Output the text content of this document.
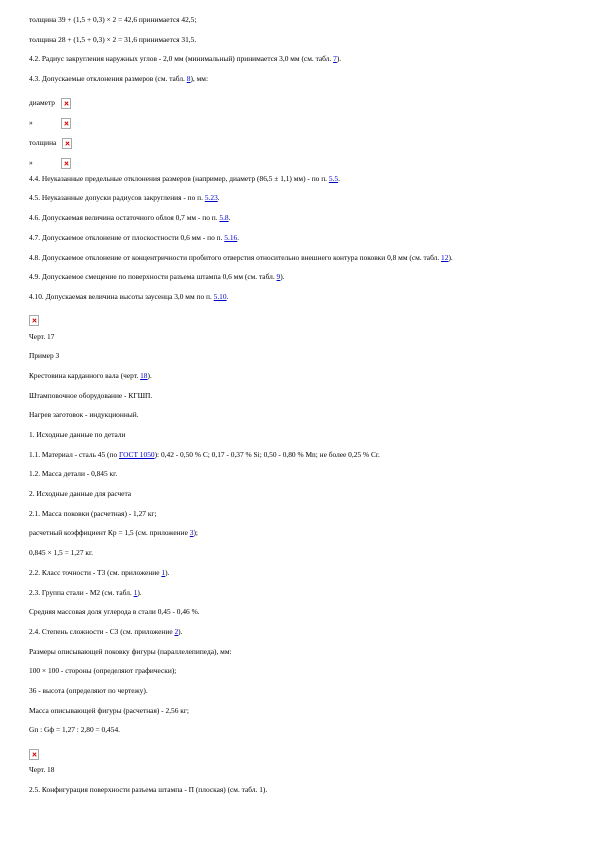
толщина 39 + (1,5 + 0,3) × 2 = 42,6 принимается 42,5;
толщина 28 + (1,5 + 0,3) × 2 = 31,6 принимается 31,5.
4.2. Радиус закругления наружных углов - 2,0 мм (минимальный) принимается 3,0 мм (см. табл. 7).
4.3. Допускаемые отклонения размеров (см. табл. 8), мм:
диаметр
»
толщина
»
4.4. Неуказанные предельные отклонения размеров (например, диаметр (86,5 ± 1,1) мм) - по п. 5.5.
4.5. Неуказанные допуски радиусов закругления - по п. 5.23.
4.6. Допускаемая величина остаточного облоя 0,7 мм - по п. 5.8.
4.7. Допускаемое отклонение от плоскостности 0,6 мм - по п. 5.16.
4.8. Допускаемое отклонение от концентричности пробитого отверстия относительно внешнего контура поковки 0,8 мм (см. табл. 12).
4.9. Допускаемое смещение по поверхности разъема штампа 0,6 мм (см. табл. 9).
4.10. Допускаемая величина высоты заусенца 3,0 мм по п. 5.10.
Черт. 17
Пример 3
Крестовина карданного вала (черт. 18).
Штамповочное оборудование - КГШП.
Нагрев заготовок - индукционный.
1. Исходные данные по детали
1.1. Материал - сталь 45 (по ГОСТ 1050): 0,42 - 0,50 % С; 0,17 - 0,37 % Si; 0,50 - 0,80 % Mn; не более 0,25 % Cr.
1.2. Масса детали - 0,845 кг.
2. Исходные данные для расчета
2.1. Масса поковки (расчетная) - 1,27 кг;
расчетный коэффициент Кр = 1,5 (см. приложение 3);
0,845 × 1,5 = 1,27 кг.
2.2. Класс точности - Т3 (см. приложение 1).
2.3. Группа стали - М2 (см. табл. 1).
Средняя массовая доля углерода в стали 0,45 - 0,46 %.
2.4. Степень сложности - С3 (см. приложение 2).
Размеры описывающей поковку фигуры (параллелепипеда), мм:
100 × 100 - стороны (определяют графически);
36 - высота (определяют по чертежу).
Масса описывающей фигуры (расчетная) - 2,56 кг;
Gп : Gф = 1,27 : 2,80 = 0,454.
Черт. 18
2.5. Конфигурация поверхности разъема штампа - П (плоская) (см. табл. 1).
